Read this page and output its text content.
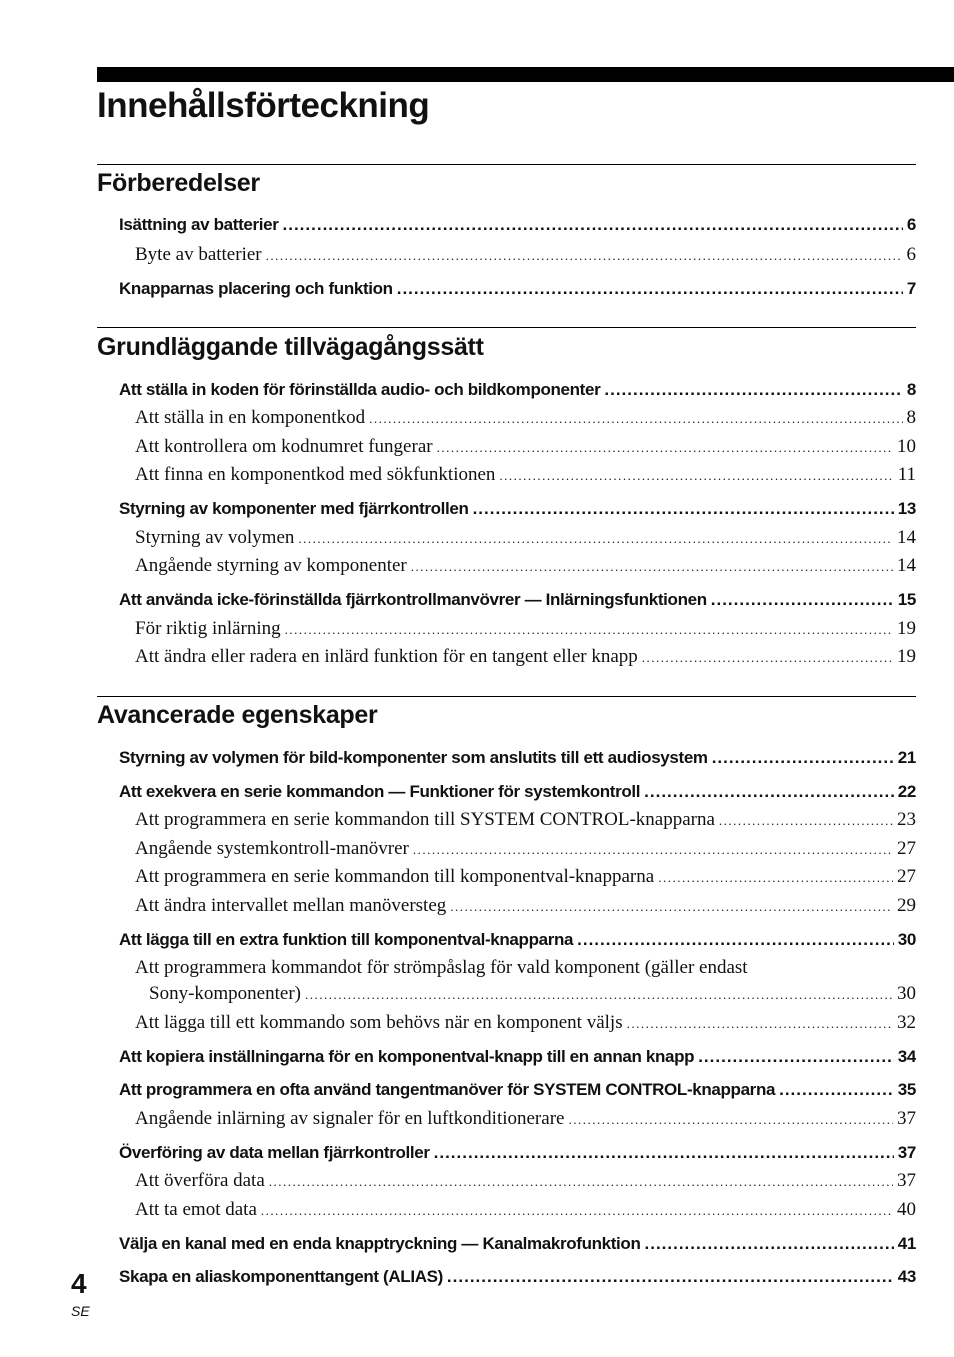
Innehållsförteckning
Förberedelser
Isättning av batterier .....	6
Byte av batterier .....	6
Knapparnas placering och funktion .....	7
Grundläggande tillvägagångssätt
Att ställa in koden för förinställda audio- och bildkomponenter .....	8
Att ställa in en komponentkod .....	8
Att kontrollera om kodnumret fungerar .....	10
Att finna en komponentkod med sökfunktionen .....	11
Styrning av komponenter med fjärrkontrollen .....	13
Styrning av volymen .....	14
Angående styrning av komponenter .....	14
Att använda icke-förinställda fjärrkontrollmanvövrer — Inlärningsfunktionen .....	15
För riktig inlärning .....	19
Att ändra eller radera en inlärd funktion för en tangent eller knapp .....	19
Avancerade egenskaper
Styrning av volymen för bild-komponenter som anslutits till ett audiosystem .....	21
Att exekvera en serie kommandon — Funktioner för systemkontroll .....	22
Att programmera en serie kommandon till SYSTEM CONTROL-knapparna .....	23
Angående systemkontroll-manövrer .....	27
Att programmera en serie kommandon till komponentval-knapparna .....	27
Att ändra intervallet mellan manöversteg .....	29
Att lägga till en extra funktion till komponentval-knapparna .....	30
Att programmera kommandot för strömpåslag för vald komponent (gäller endast
Sony-komponenter) .....	30
Att lägga till ett kommando som behövs när en komponent väljs .....	32
Att kopiera inställningarna för en komponentval-knapp till en annan knapp .....	34
Att programmera en ofta använd tangentmanöver för SYSTEM CONTROL-knapparna .....	35
Angående inlärning av signaler för en luftkonditionerare .....	37
Överföring av data mellan fjärrkontroller .....	37
Att överföra data .....	37
Att ta emot data .....	40
Välja en kanal med en enda knapptryckning — Kanalmakrofunktion .....	41
Skapa en aliaskomponenttangent (ALIAS) .....	43
4
SE
